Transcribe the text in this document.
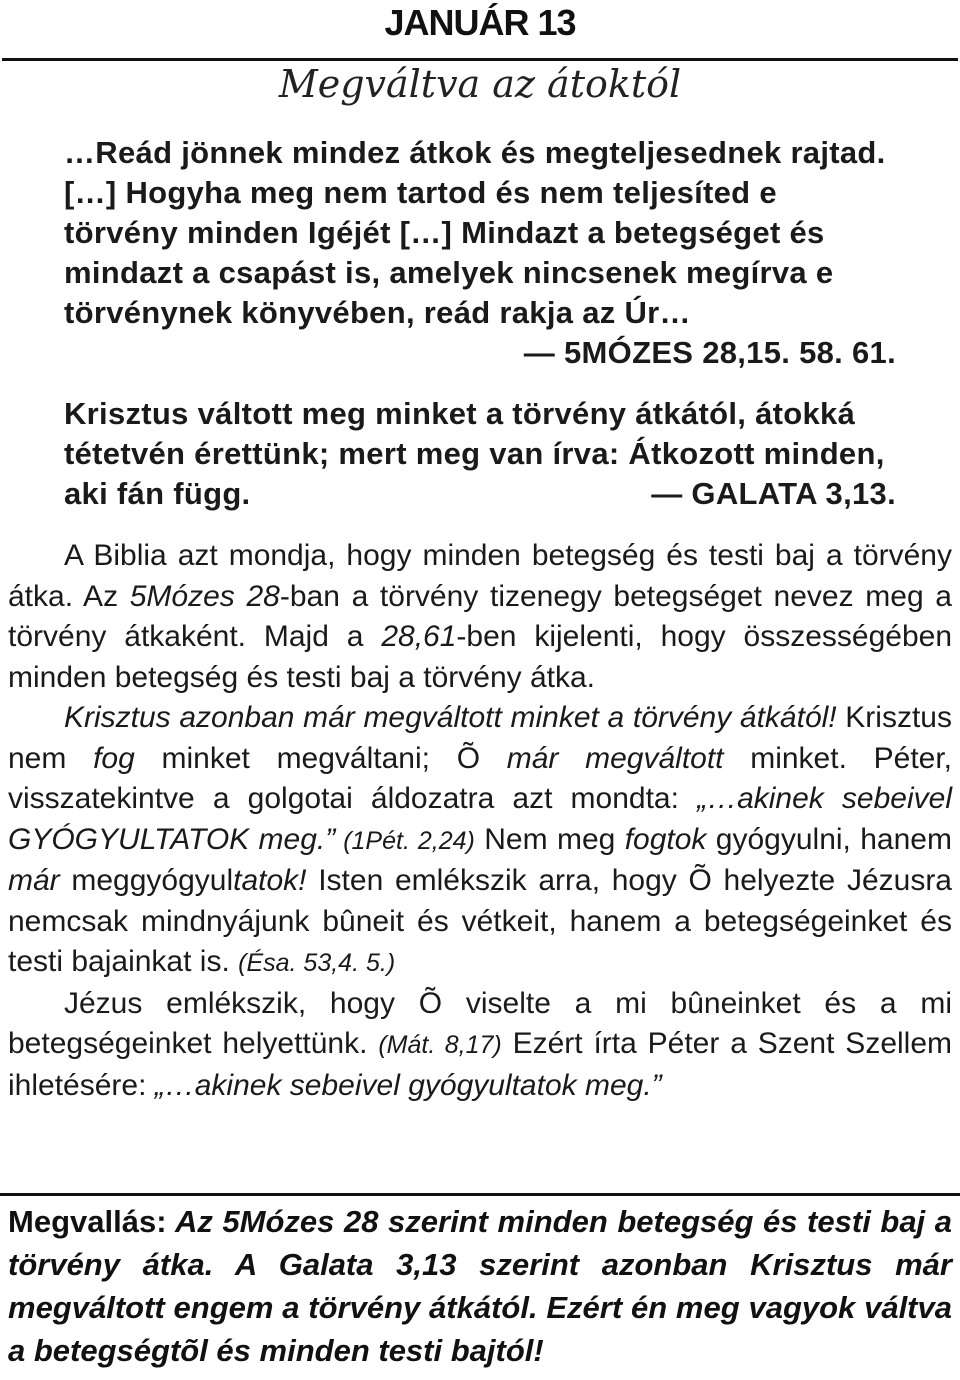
JANUÁR 13
Megváltva az átoktól
…Reád jönnek mindez átkok és megteljesednek rajtad. […] Hogyha meg nem tartod és nem teljesíted e törvény minden Igéjét […] Mindazt a betegséget és mindazt a csapást is, amelyek nincsenek megírva e törvénynek könyvében, reád rakja az Úr…
— 5MÓZES 28,15. 58. 61.
Krisztus váltott meg minket a törvény átkától, átokká tétetvén érettünk; mert meg van írva: Átkozott minden, aki fán függ.	— GALATA 3,13.

A Biblia azt mondja, hogy minden betegség és testi baj a törvény átka. Az 5Mózes 28-ban a törvény tizenegy betegséget nevez meg a törvény átkaként. Majd a 28,61-ben kijelenti, hogy összességében minden betegség és testi baj a törvény átka.

Krisztus azonban már megváltott minket a törvény átkától! Krisztus nem fog minket megváltani; Õ már megváltott minket. Péter, visszatekintve a golgotai áldozatra azt mondta: „…akinek sebeivel GYÓGYULTATOK meg.” (1Pét. 2,24) Nem meg fogtok gyógyulni, hanem már meggyógyultatok! Isten emlékszik arra, hogy Õ helyezte Jézusra nemcsak mindnyájunk bûneit és vétkeit, hanem a betegségeinket és testi bajainkat is. (Ésa. 53,4. 5.)

Jézus emlékszik, hogy Õ viselte a mi bûneinket és a mi betegségeinket helyettünk. (Mát. 8,17) Ezért írta Péter a Szent Szellem ihletésére: „…akinek sebeivel gyógyultatok meg.”

Megvallás: Az 5Mózes 28 szerint minden betegség és testi baj a törvény átka. A Galata 3,13 szerint azonban Krisztus már megváltott engem a törvény átkától. Ezért én meg vagyok váltva a betegségtõl és minden testi bajtól!
